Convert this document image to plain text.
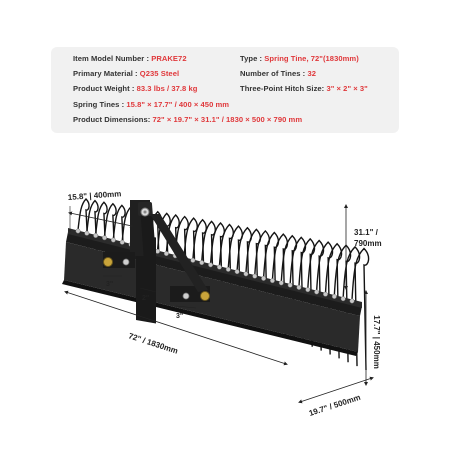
Item Model Number : PRAKE72	Type : Spring Tine, 72"(1830mm)
Primary Material : Q235 Steel	Number of Tines : 32
Product Weight : 83.3 lbs / 37.8 kg	Three-Point Hitch Size: 3" × 2" × 3"
Spring Tines : 15.8" × 17.7" / 400 × 450 mm
Product Dimensions: 72" × 19.7" × 31.1" / 1830 × 500 × 790 mm
15.8" | 400mm
31.1" /
790mm
17.7" | 450mm
72" / 1830mm
19.7" / 500mm
3"
2"
3"
